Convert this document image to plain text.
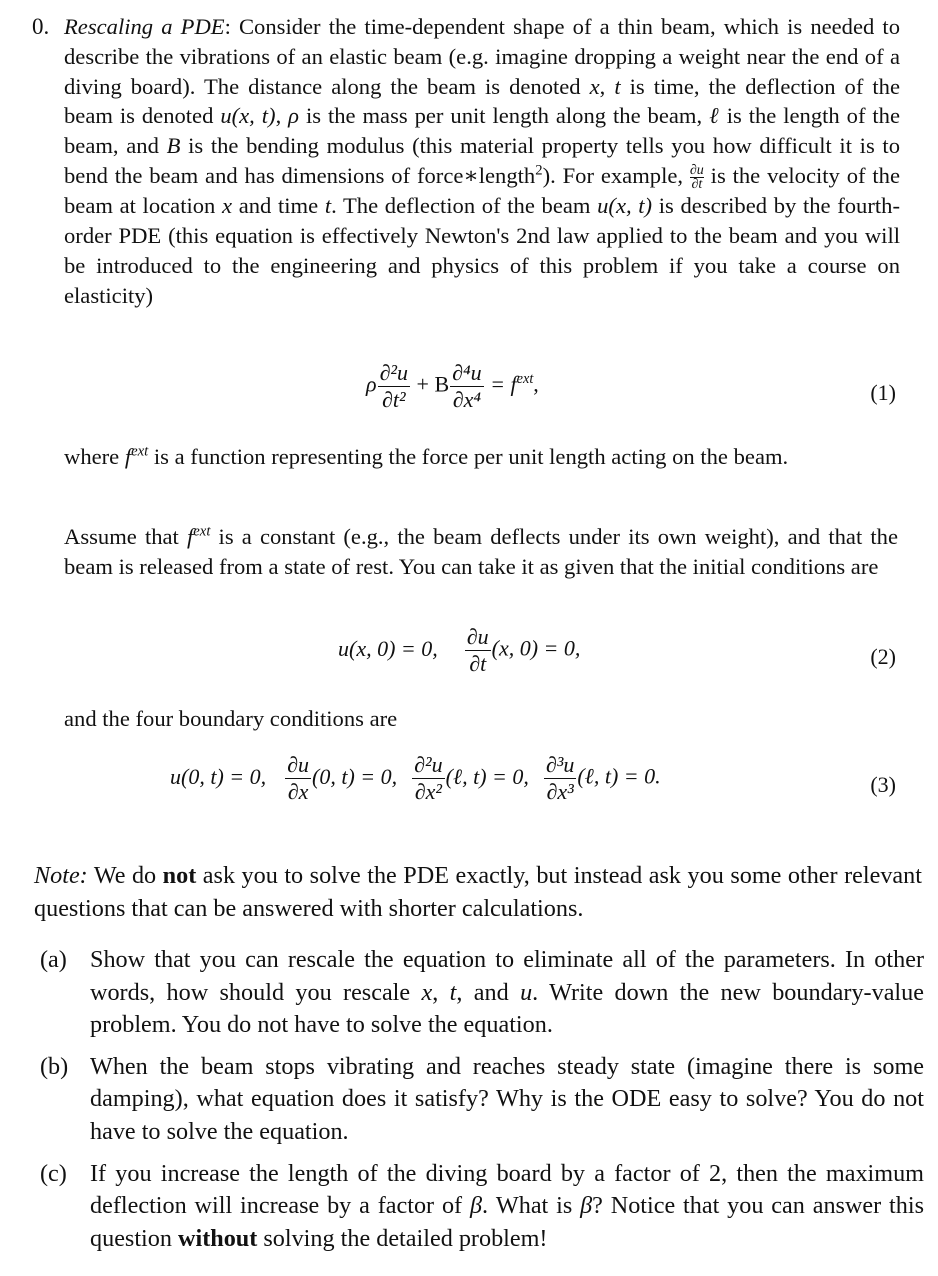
0. Rescaling a PDE: Consider the time-dependent shape of a thin beam, which is needed to describe the vibrations of an elastic beam (e.g. imagine dropping a weight near the end of a diving board). The distance along the beam is denoted x, t is time, the deflection of the beam is denoted u(x, t), ρ is the mass per unit length along the beam, ℓ is the length of the beam, and B is the bending modulus (this material property tells you how difficult it is to bend the beam and has dimensions of force∗length$^2$). For example, $\frac{\partial u}{\partial t}$ is the velocity of the beam at location x and time t. The deflection of the beam u(x, t) is described by the fourth-order PDE (this equation is effectively Newton's 2nd law applied to the beam and you will be introduced to the engineering and physics of this problem if you take a course on elasticity)
ρ $\frac{\text{∂²u}}{\text{∂t²}} + B \frac{\text{∂⁴u}}{\text{∂x⁴}} = f^{ext}$,	(1)
where $f^{ext}$ is a function representing the force per unit length acting on the beam.
Assume that $f^{ext}$ is a constant (e.g., the beam deflects under its own weight), and that the beam is released from a state of rest. You can take it as given that the initial conditions are
u(x, 0) = 0, $\frac{\partial u}{\partial t} (x$, 0) = 0,	(2)
and the four boundary conditions are
u(0, t) = 0, $\frac{\partial u}{\partial x} (0$, t) = 0, $\frac{\text{∂²u}}{\text{∂x²}}$ (ℓ, t) = 0, $\frac{\text{∂³u}}{\text{∂x³}}$ (ℓ, t) = 0.	(3)
Note: We do not ask you to solve the PDE exactly, but instead ask you some other relevant questions that can be answered with shorter calculations.
(a) Show that you can rescale the equation to eliminate all of the parameters. In other words, how should you rescale x, t, and u. Write down the new boundary-value problem. You do not have to solve the equation.
(b) When the beam stops vibrating and reaches steady state (imagine there is some damping), what equation does it satisfy? Why is the ODE easy to solve? You do not have to solve the equation.
(c) If you increase the length of the diving board by a factor of 2, then the maximum deflection will increase by a factor of β. What is β? Notice that you can answer this question without solving the detailed problem!
